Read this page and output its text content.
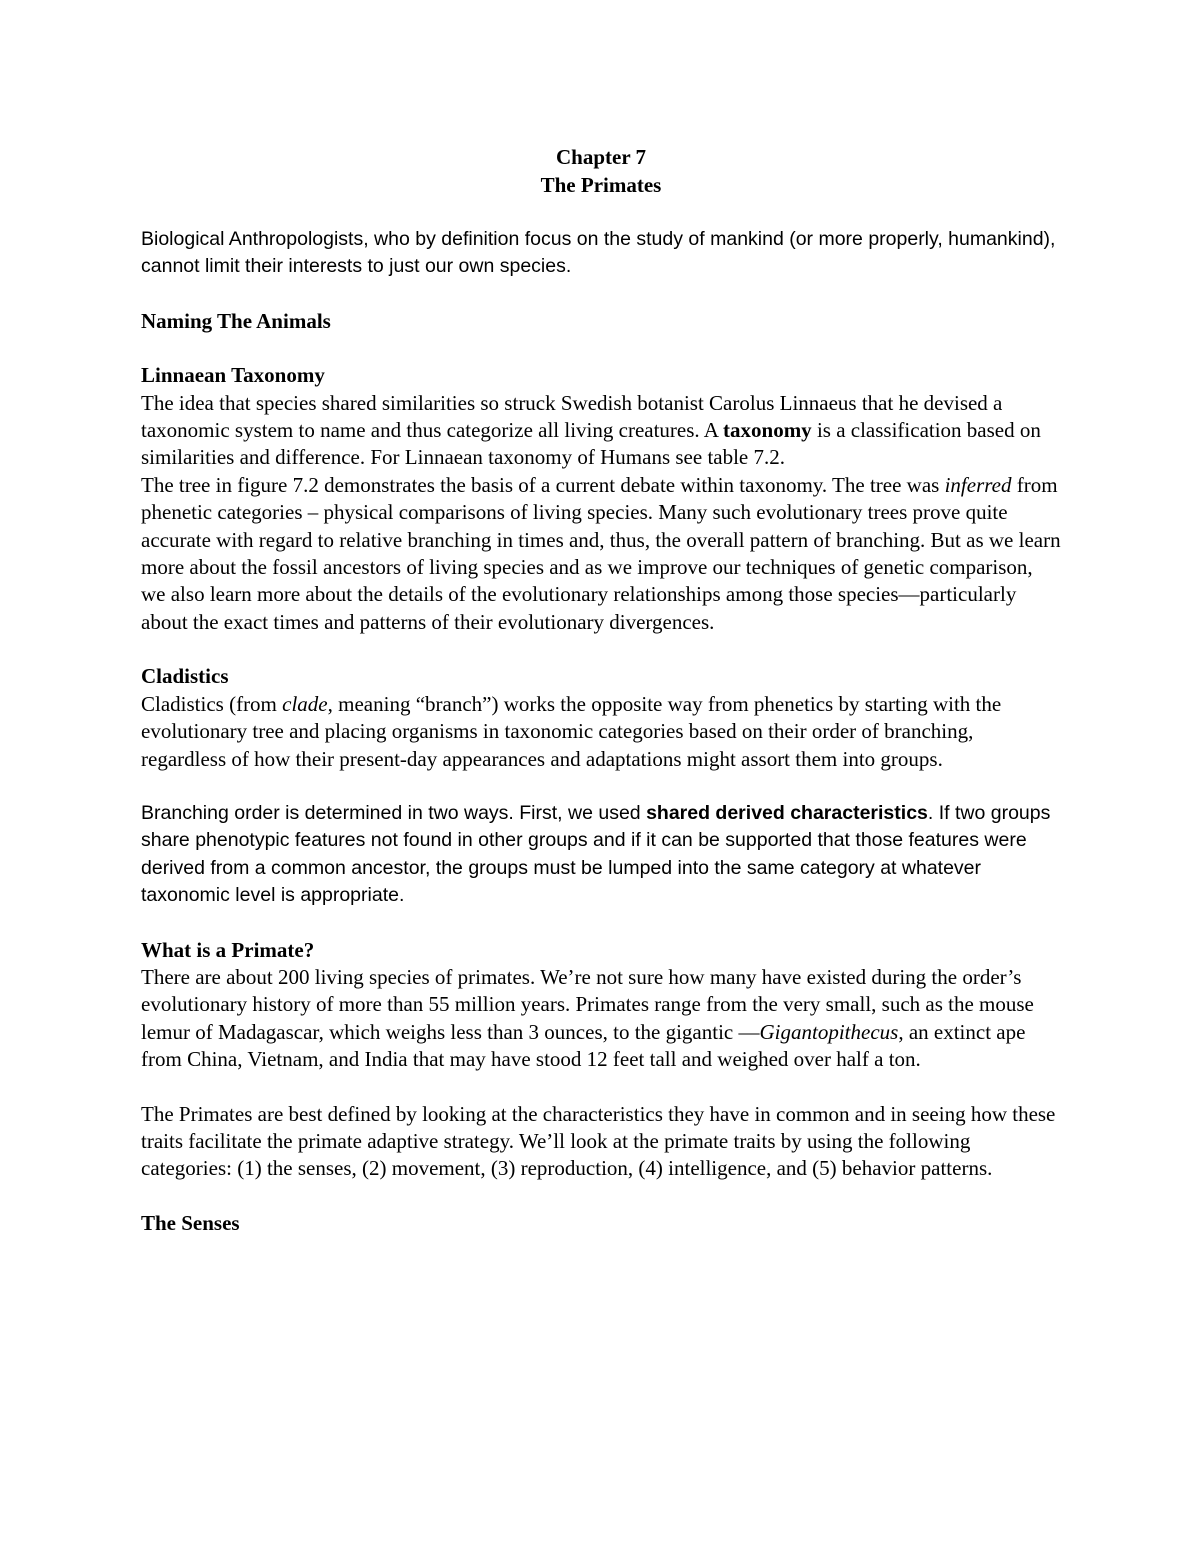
Chapter 7
The Primates

Biological Anthropologists, who by definition focus on the study of mankind (or more properly, humankind), cannot limit their interests to just our own species.

Naming The Animals

Linnaean Taxonomy

The idea that species shared similarities so struck Swedish botanist Carolus Linnaeus that he devised a taxonomic system to name and thus categorize all living creatures. A taxonomy is a classification based on similarities and difference. For Linnaean taxonomy of Humans see table 7.2.

The tree in figure 7.2 demonstrates the basis of a current debate within taxonomy. The tree was inferred from phenetic categories – physical comparisons of living species. Many such evolutionary trees prove quite accurate with regard to relative branching in times and, thus, the overall pattern of branching. But as we learn more about the fossil ancestors of living species and as we improve our techniques of genetic comparison, we also learn more about the details of the evolutionary relationships among those species—particularly about the exact times and patterns of their evolutionary divergences.

Cladistics

Cladistics (from clade, meaning “branch”) works the opposite way from phenetics by starting with the evolutionary tree and placing organisms in taxonomic categories based on their order of branching, regardless of how their present-day appearances and adaptations might assort them into groups.

Branching order is determined in two ways. First, we used shared derived characteristics. If two groups share phenotypic features not found in other groups and if it can be supported that those features were derived from a common ancestor, the groups must be lumped into the same category at whatever taxonomic level is appropriate.

What is a Primate?

There are about 200 living species of primates. We’re not sure how many have existed during the order’s evolutionary history of more than 55 million years. Primates range from the very small, such as the mouse lemur of Madagascar, which weighs less than 3 ounces, to the gigantic —Gigantopithecus, an extinct ape from China, Vietnam, and India that may have stood 12 feet tall and weighed over half a ton.

The Primates are best defined by looking at the characteristics they have in common and in seeing how these traits facilitate the primate adaptive strategy. We’ll look at the primate traits by using the following categories: (1) the senses, (2) movement, (3) reproduction, (4) intelligence, and (5) behavior patterns.

The Senses
